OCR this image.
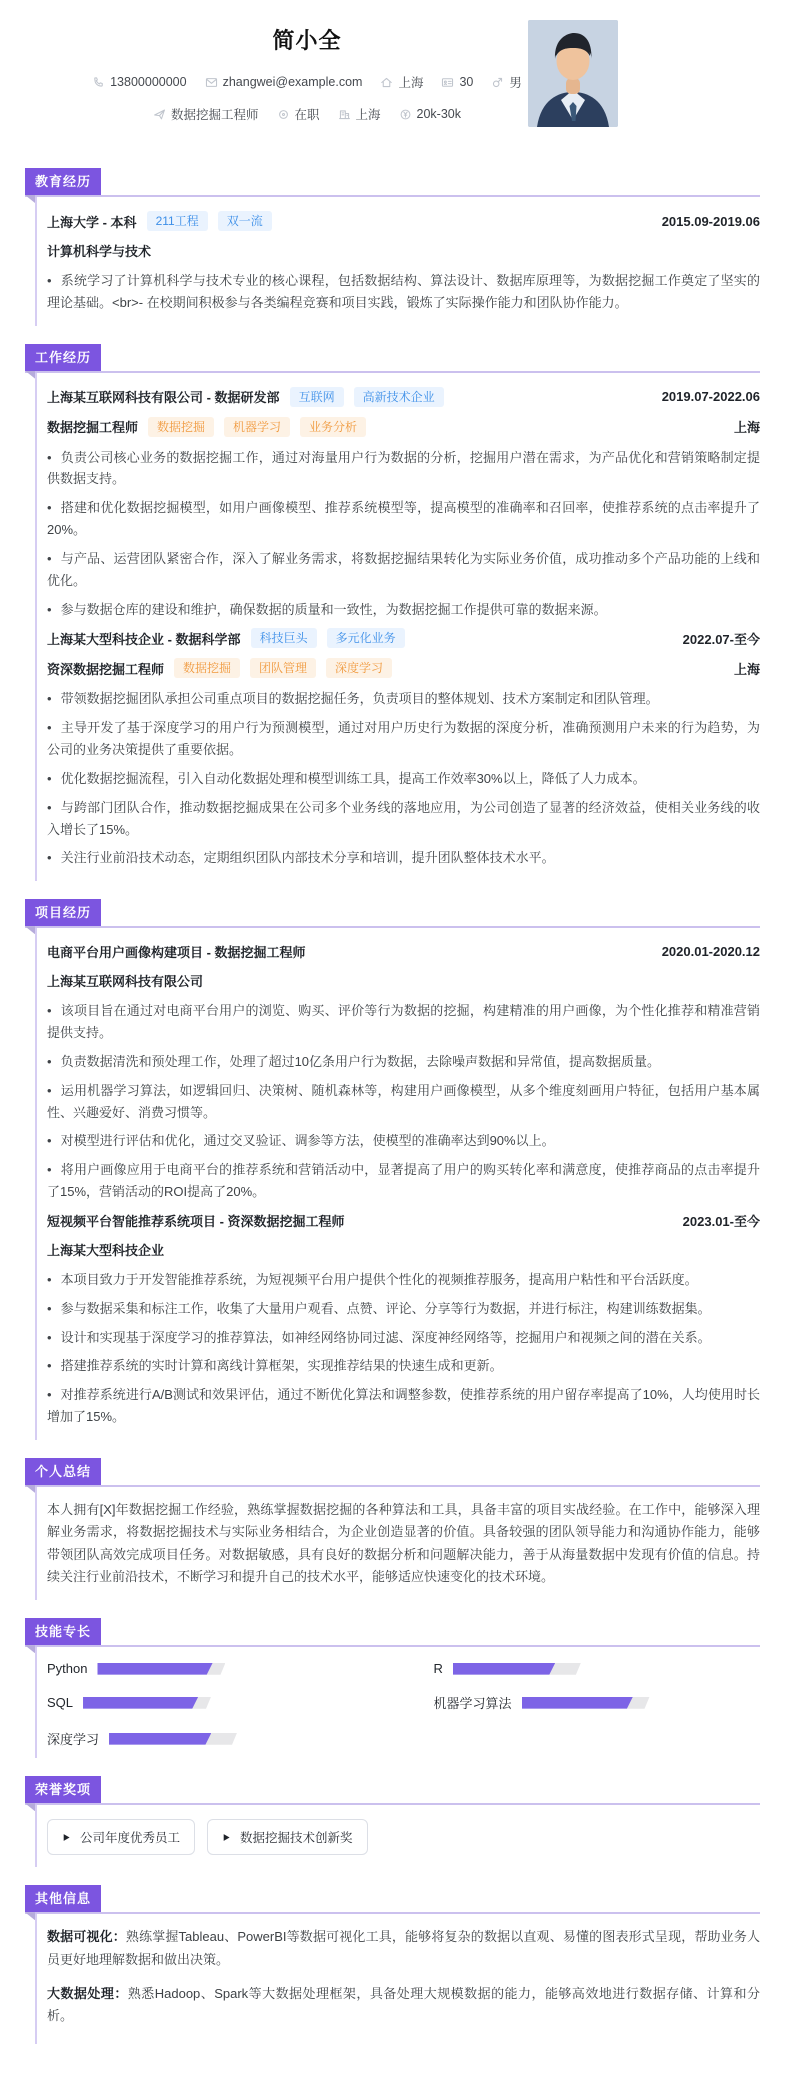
简小全
13800000000	zhangwei@example.com	上海	30	男
数据挖掘工程师	在职	上海	20k-30k
教育经历
上海大学 - 本科	211工程	双一流	2015.09-2019.06
计算机科学与技术
• 系统学习了计算机科学与技术专业的核心课程，包括数据结构、算法设计、数据库原理等，为数据挖掘工作奠定了坚实的理论基础。<br>- 在校期间积极参与各类编程竞赛和项目实践，锻炼了实际操作能力和团队协作能力。
工作经历
上海某互联网科技有限公司 - 数据研发部	互联网	高新技术企业	2019.07-2022.06
数据挖掘工程师	数据挖掘	机器学习	业务分析	上海
• 负责公司核心业务的数据挖掘工作，通过对海量用户行为数据的分析，挖掘用户潜在需求，为产品优化和营销策略制定提供数据支持。
• 搭建和优化数据挖掘模型，如用户画像模型、推荐系统模型等，提高模型的准确率和召回率，使推荐系统的点击率提升了20%。
• 与产品、运营团队紧密合作，深入了解业务需求，将数据挖掘结果转化为实际业务价值，成功推动多个产品功能的上线和优化。
• 参与数据仓库的建设和维护，确保数据的质量和一致性，为数据挖掘工作提供可靠的数据来源。
上海某大型科技企业 - 数据科学部	科技巨头	多元化业务	2022.07-至今
资深数据挖掘工程师	数据挖掘	团队管理	深度学习	上海
• 带领数据挖掘团队承担公司重点项目的数据挖掘任务，负责项目的整体规划、技术方案制定和团队管理。
• 主导开发了基于深度学习的用户行为预测模型，通过对用户历史行为数据的深度分析，准确预测用户未来的行为趋势，为公司的业务决策提供了重要依据。
• 优化数据挖掘流程，引入自动化数据处理和模型训练工具，提高工作效率30%以上，降低了人力成本。
• 与跨部门团队合作，推动数据挖掘成果在公司多个业务线的落地应用，为公司创造了显著的经济效益，使相关业务线的收入增长了15%。
• 关注行业前沿技术动态，定期组织团队内部技术分享和培训，提升团队整体技术水平。
项目经历
电商平台用户画像构建项目 - 数据挖掘工程师	2020.01-2020.12
上海某互联网科技有限公司
• 该项目旨在通过对电商平台用户的浏览、购买、评价等行为数据的挖掘，构建精准的用户画像，为个性化推荐和精准营销提供支持。
• 负责数据清洗和预处理工作，处理了超过10亿条用户行为数据，去除噪声数据和异常值，提高数据质量。
• 运用机器学习算法，如逻辑回归、决策树、随机森林等，构建用户画像模型，从多个维度刻画用户特征，包括用户基本属性、兴趣爱好、消费习惯等。
• 对模型进行评估和优化，通过交叉验证、调参等方法，使模型的准确率达到90%以上。
• 将用户画像应用于电商平台的推荐系统和营销活动中，显著提高了用户的购买转化率和满意度，使推荐商品的点击率提升了15%，营销活动的ROI提高了20%。
短视频平台智能推荐系统项目 - 资深数据挖掘工程师	2023.01-至今
上海某大型科技企业
• 本项目致力于开发智能推荐系统，为短视频平台用户提供个性化的视频推荐服务，提高用户粘性和平台活跃度。
• 参与数据采集和标注工作，收集了大量用户观看、点赞、评论、分享等行为数据，并进行标注，构建训练数据集。
• 设计和实现基于深度学习的推荐算法，如神经网络协同过滤、深度神经网络等，挖掘用户和视频之间的潜在关系。
• 搭建推荐系统的实时计算和离线计算框架，实现推荐结果的快速生成和更新。
• 对推荐系统进行A/B测试和效果评估，通过不断优化算法和调整参数，使推荐系统的用户留存率提高了10%，人均使用时长增加了15%。
个人总结

本人拥有[X]年数据挖掘工作经验，熟练掌握数据挖掘的各种算法和工具，具备丰富的项目实战经验。在工作中，能够深入理解业务需求，将数据挖掘技术与实际业务相结合，为企业创造显著的价值。具备较强的团队领导能力和沟通协作能力，能够带领团队高效完成项目任务。对数据敏感，具有良好的数据分析和问题解决能力，善于从海量数据中发现有价值的信息。持续关注行业前沿技术，不断学习和提升自己的技术水平，能够适应快速变化的技术环境。

技能专长
Python	R
SQL	机器学习算法
深度学习
荣誉奖项
公司年度优秀员工	数据挖掘技术创新奖
其他信息

数据可视化：熟练掌握Tableau、PowerBI等数据可视化工具，能够将复杂的数据以直观、易懂的图表形式呈现，帮助业务人员更好地理解数据和做出决策。

大数据处理：熟悉Hadoop、Spark等大数据处理框架，具备处理大规模数据的能力，能够高效地进行数据存储、计算和分析。
